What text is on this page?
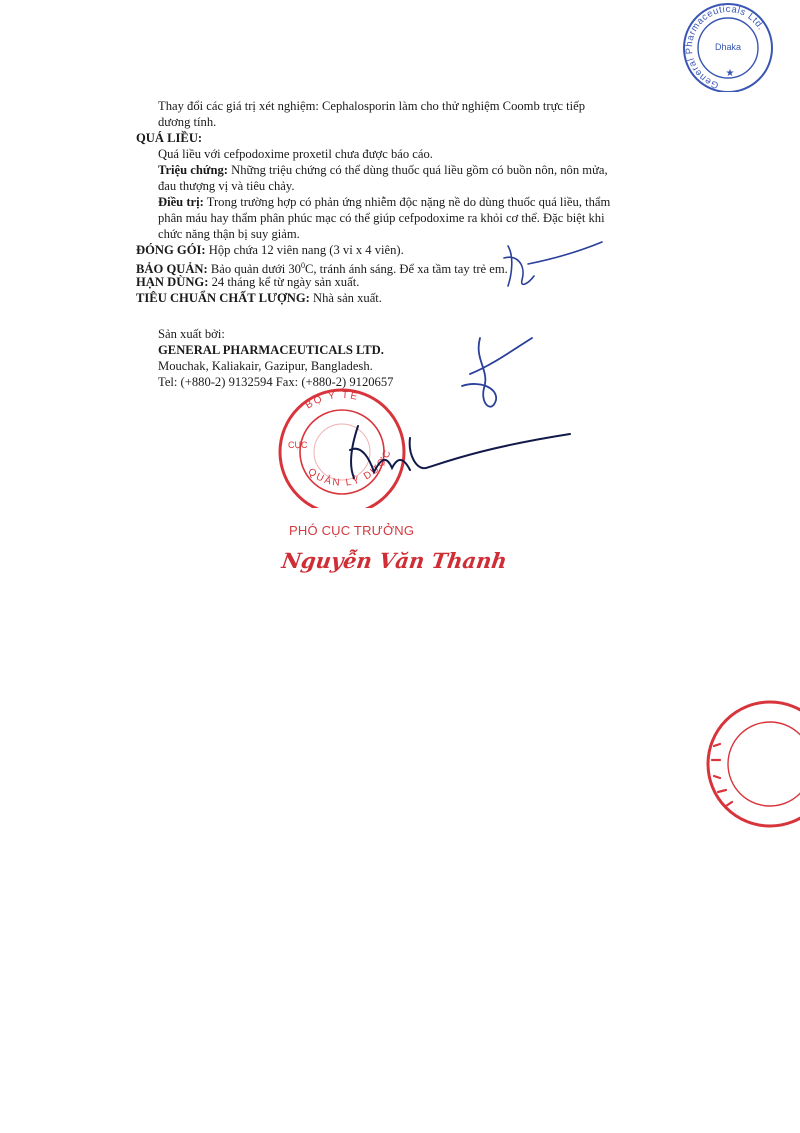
General Pharmaceuticals Ltd.
Dhaka
★
Thay đổi các giá trị xét nghiệm: Cephalosporin làm cho thử nghiệm Coomb trực tiếp
dương tính.
QUÁ LIỀU:
Quá liều với cefpodoxime proxetil chưa được báo cáo.
Triệu chứng: Những triệu chứng có thể dùng thuốc quá liều gồm có buồn nôn, nôn mửa,
đau thượng vị và tiêu chảy.
Điều trị: Trong trường hợp có phản ứng nhiễm độc nặng nề do dùng thuốc quá liều, thẩm
phân máu hay thẩm phân phúc mạc có thể giúp cefpodoxime ra khỏi cơ thể. Đặc biệt khi
chức năng thận bị suy giảm.
ĐÓNG GÓI: Hộp chứa 12 viên nang (3 vỉ x 4 viên).
BẢO QUẢN: Bảo quản dưới $30^0C$, tránh ánh sáng. Để xa tầm tay trẻ em.
HẠN DÙNG: 24 tháng kể từ ngày sản xuất.
TIÊU CHUẨN CHẤT LƯỢNG: Nhà sản xuất.
Sản xuất bởi:
GENERAL PHARMACEUTICALS LTD.
Mouchak, Kaliakair, Gazipur, Bangladesh.
Tel: (+880-2) 9132594 Fax: (+880-2) 9120657
BỘ Y TẾ
CỤC
QUẢN LÝ DƯỢC
PHÓ CỤC TRƯỞNG
Nguyễn Văn Thanh
